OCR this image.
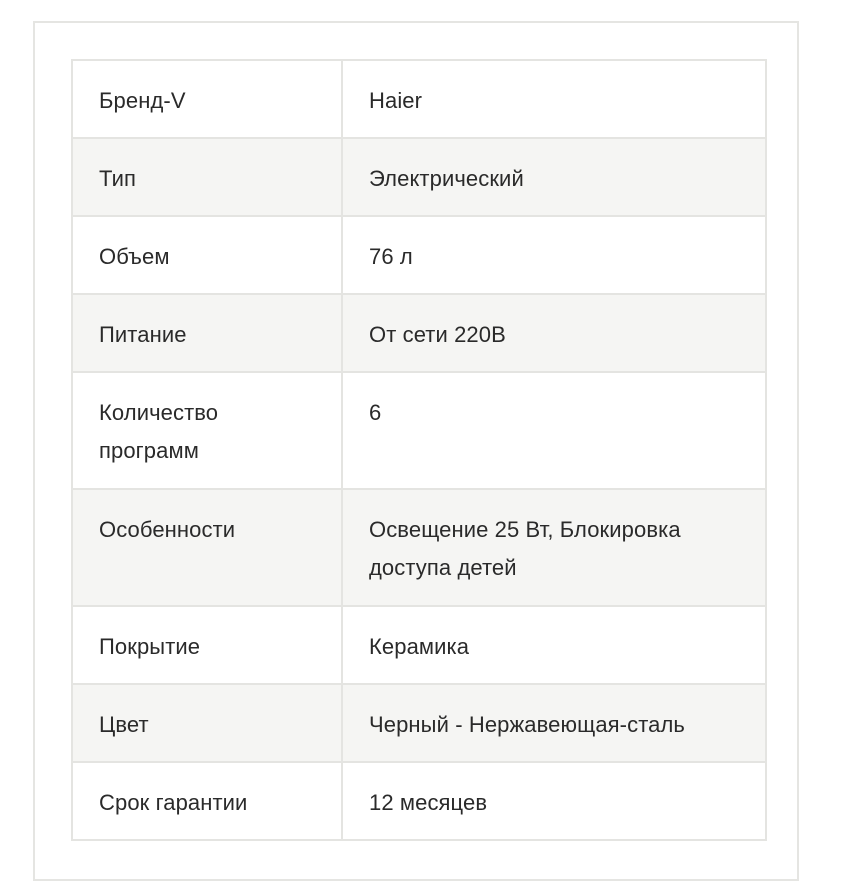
Бренд-V	Haier
Тип	Электрический
Объем	76 л
Питание	От сети 220В
Количество программ	6
Особенности	Освещение 25 Вт, Блокировка доступа детей
Покрытие	Керамика
Цвет	Черный - Нержавеющая-сталь
Срок гарантии	12 месяцев
